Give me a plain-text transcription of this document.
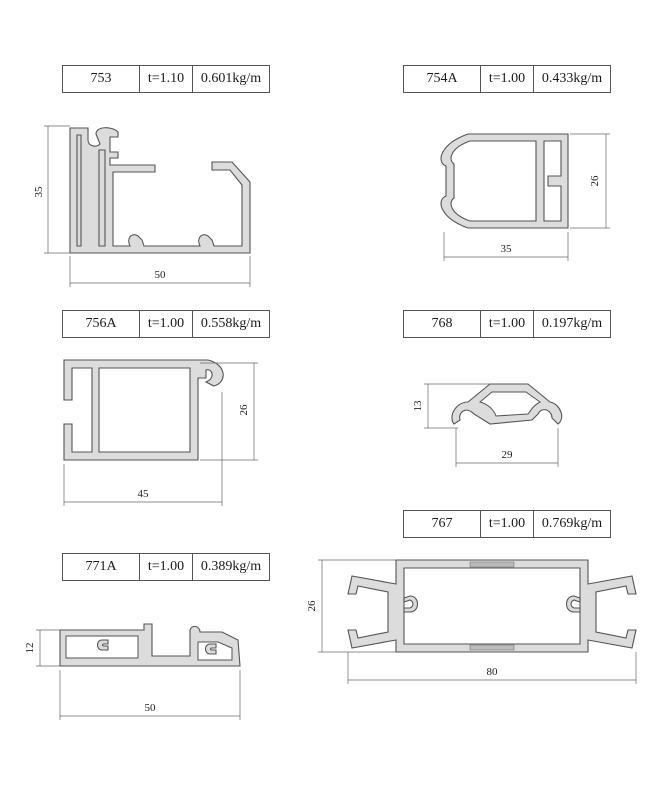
753	t=1.10	0.601kg/m	754A	t=1.00	0.433kg/m
756A	t=1.00	0.558kg/m	768	t=1.00	0.197kg/m
767	t=1.00	0.769kg/m
771A	t=1.00	0.389kg/m
35
50
26
35
26
45
13
29
26
80
12
50
